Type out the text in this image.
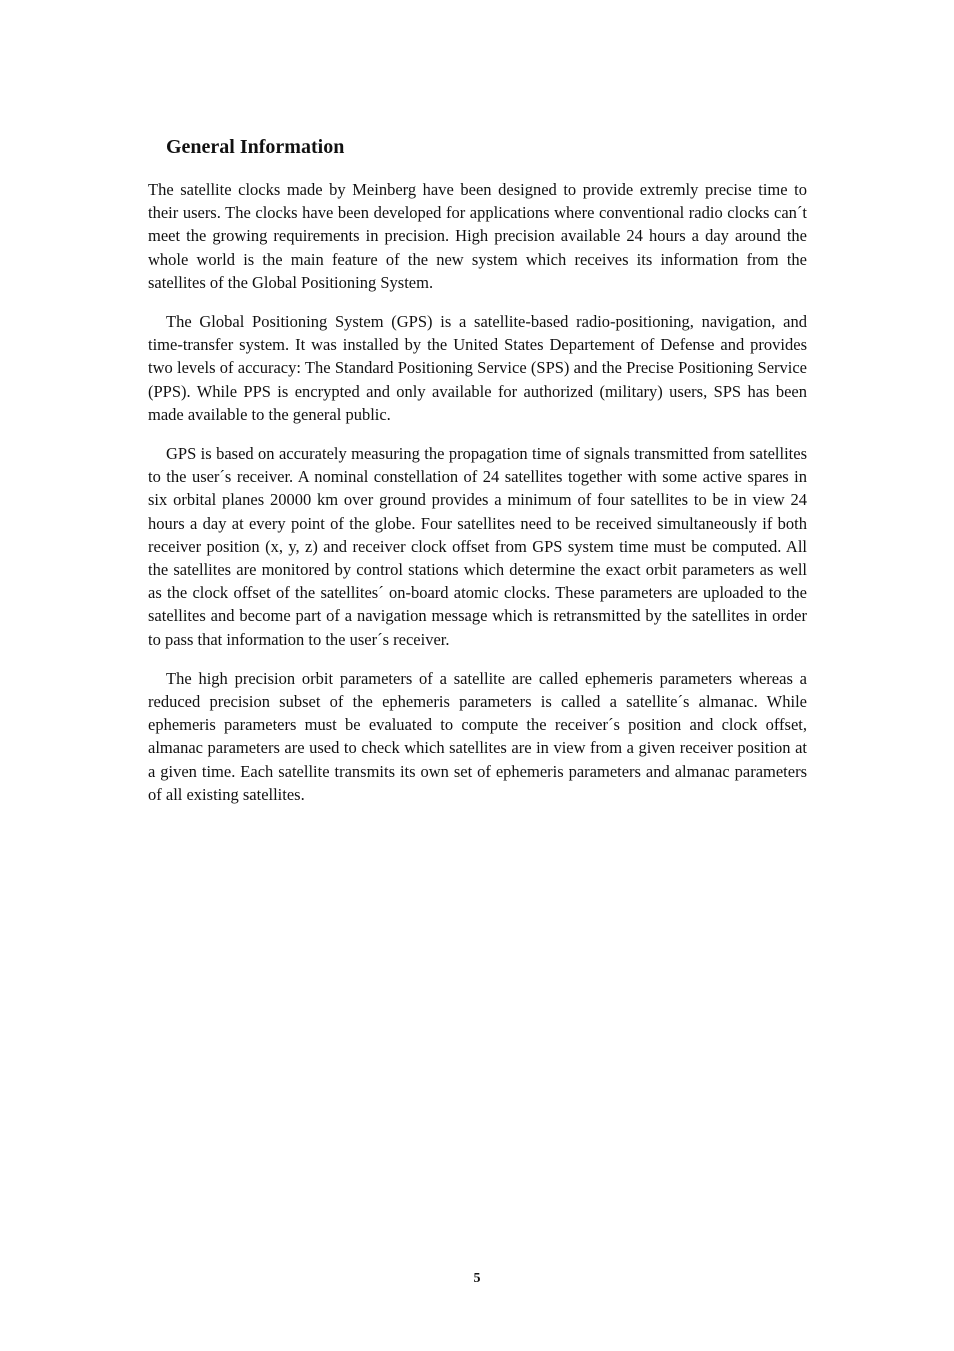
General Information

The satellite clocks made by Meinberg have been designed to provide extremly precise time to their users. The clocks have been developed for applications where conventional radio clocks can´t meet the growing requirements in precision. High precision available 24 hours a day around the whole world is the main feature of the new system which receives its information from the satellites of the Global Positioning System.

The Global Positioning System (GPS) is a satellite-based radio-positioning, navigation, and time-transfer system. It was installed by the United States Departement of Defense and provides two levels of accuracy: The Standard Positioning Service (SPS) and the Precise Positioning Service (PPS). While PPS is encrypted and only available for authorized (military) users, SPS has been made available to the general public.

GPS is based on accurately measuring the propagation time of signals transmitted from satellites to the user´s receiver. A nominal constellation of 24 satellites together with some active spares in six orbital planes 20000 km over ground provides a minimum of four satellites to be in view 24 hours a day at every point of the globe. Four satellites need to be received simultaneously if both receiver position (x, y, z) and receiver clock offset from GPS system time must be computed. All the satellites are monitored by control stations which determine the exact orbit parameters as well as the clock offset of the satellites´ on-board atomic clocks. These parameters are uploaded to the satellites and become part of a navigation message which is retransmitted by the satellites in order to pass that information to the user´s receiver.

The high precision orbit parameters of a satellite are called ephemeris parameters whereas a reduced precision subset of the ephemeris parameters is called a satellite´s almanac. While ephemeris parameters must be evaluated to compute the receiver´s position and clock offset, almanac parameters are used to check which satellites are in view from a given receiver position at a given time. Each satellite transmits its own set of ephemeris parameters and almanac parameters of all existing satellites.

5
